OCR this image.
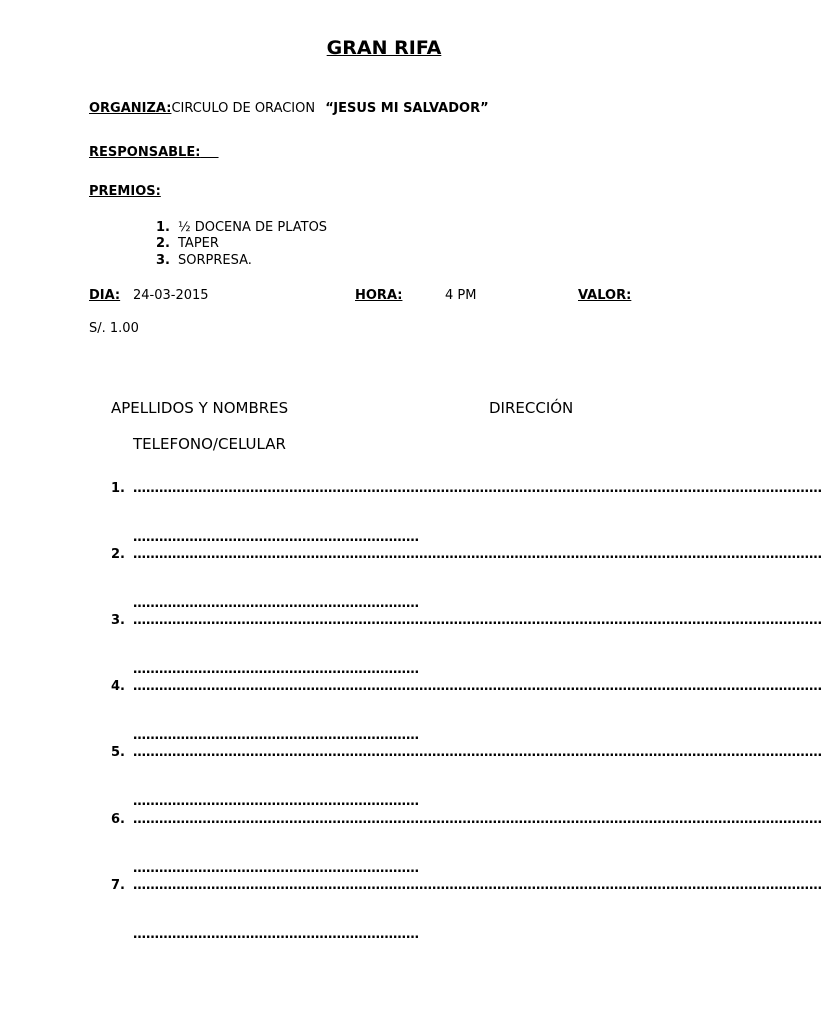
GRAN RIFA
ORGANIZA:CIRCULO DE ORACION “JESUS MI SALVADOR”
RESPONSABLE:
PREMIOS:
1. ½ DOCENA DE PLATOS
2. TAPER
3. SORPRESA.
DIA: 24-03-2015	HORA:	4 PM	VALOR:
S/. 1.00
APELLIDOS Y NOMBRES	DIRECCIÓN
TELEFONO/CELULAR
1. ……………………………………………………………………………………………………………………………………………
…………………………………………………………
2. ……………………………………………………………………………………………………………………………………………
…………………………………………………………
3. ……………………………………………………………………………………………………………………………………………
…………………………………………………………
4. ……………………………………………………………………………………………………………………………………………
…………………………………………………………
5. ……………………………………………………………………………………………………………………………………………
…………………………………………………………
6. ……………………………………………………………………………………………………………………………………………
…………………………………………………………
7. ……………………………………………………………………………………………………………………………………………
…………………………………………………………
